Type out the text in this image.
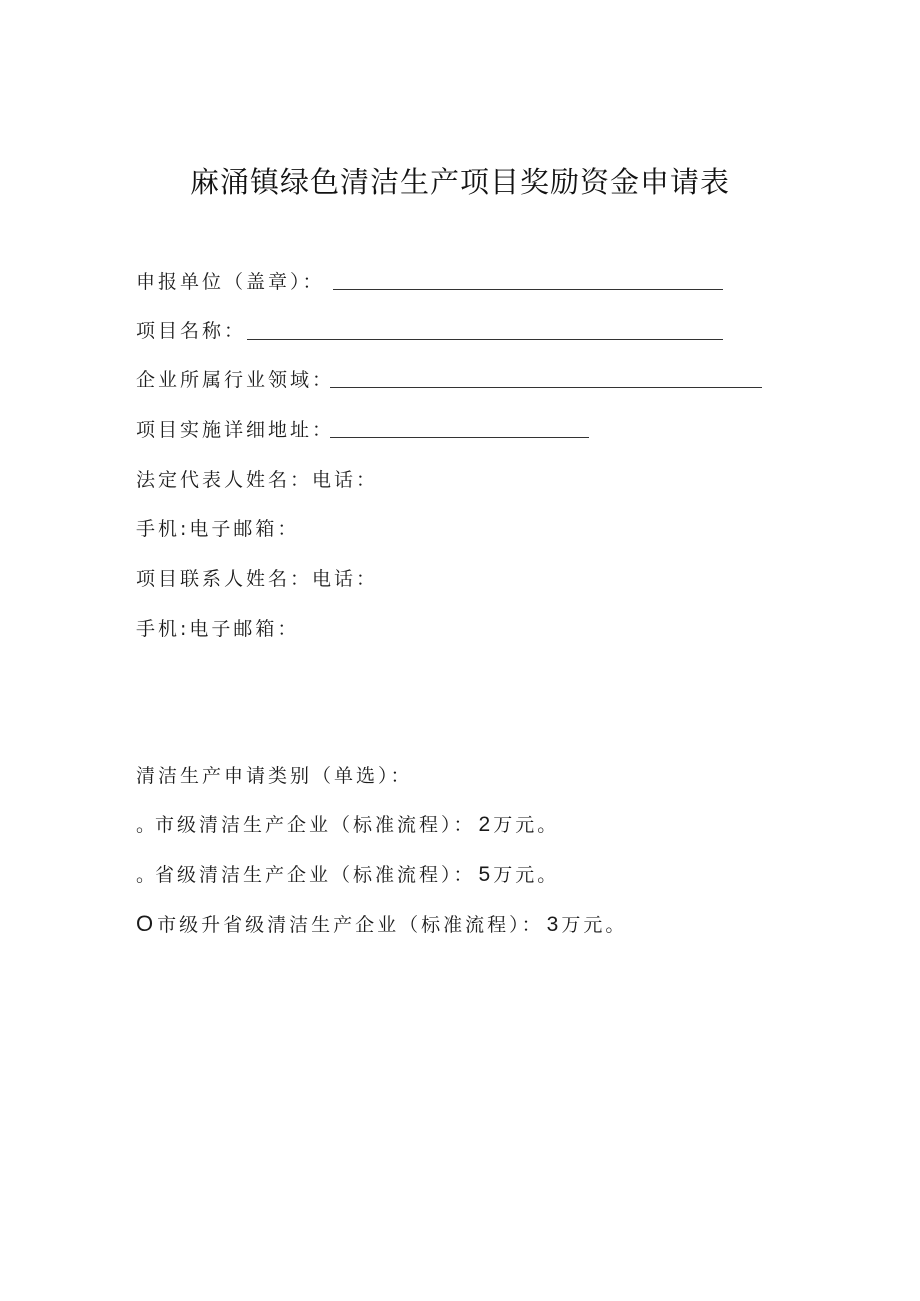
麻涌镇绿色清洁生产项目奖励资金申请表
申报单位（盖章）：
项目名称：
企业所属行业领域：
项目实施详细地址：
法定代表人姓名：电话：
手机:电子邮箱：
项目联系人姓名：电话：
手机:电子邮箱：
清洁生产申请类别（单选）：
。市级清洁生产企业（标准流程）： 2 万元。
。省级清洁生产企业（标准流程）： 5 万元。
O 市级升省级清洁生产企业（标准流程）： 3 万元。
